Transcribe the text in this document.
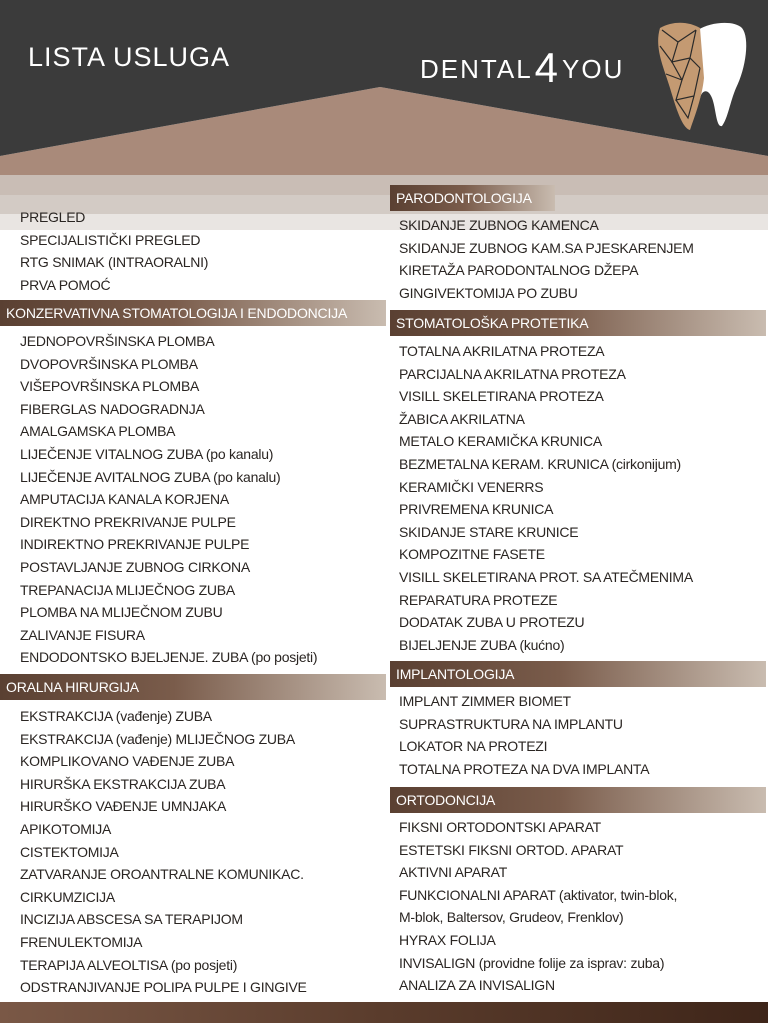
LISTA USLUGA	DENTAL4YOU
KONZERVATIVNA STOMATOLOGIJA I ENDODONCIJA
ORALNA HIRURGIJA
PARODONTOLOGIJA
STOMATOLOŠKA PROTETIKA
IMPLANTOLOGIJA
ORTODONCIJA
PREGLED
SPECIJALISTIČKI PREGLED
RTG SNIMAK (INTRAORALNI)
PRVA POMOĆ
JEDNOPOVRŠINSKA PLOMBA
DVOPOVRŠINSKA PLOMBA
VIŠEPOVRŠINSKA PLOMBA
FIBERGLAS NADOGRADNJA
AMALGAMSKA PLOMBA
LIJEČENJE VITALNOG ZUBA (po kanalu)
LIJEČENJE AVITALNOG ZUBA (po kanalu)
AMPUTACIJA KANALA KORJENA
DIREKTNO PREKRIVANJE PULPE
INDIREKTNO PREKRIVANJE PULPE
POSTAVLJANJE ZUBNOG CIRKONA
TREPANACIJA MLIJEČNOG ZUBA
PLOMBA NA MLIJEČNOM ZUBU
ZALIVANJE FISURA
ENDODONTSKO BJELJENJE. ZUBA (po posjeti)
EKSTRAKCIJA (vađenje) ZUBA
EKSTRAKCIJA (vađenje) MLIJEČNOG ZUBA
KOMPLIKOVANO VAĐENJE ZUBA
HIRURŠKA EKSTRAKCIJA ZUBA
HIRURŠKO VAĐENJE UMNJAKA
APIKOTOMIJA
CISTEKTOMIJA
ZATVARANJE OROANTRALNE KOMUNIKAC.
CIRKUMZICIJA
INCIZIJA ABSCESA SA TERAPIJOM
FRENULEKTOMIJA
TERAPIJA ALVEOLTISA (po posjeti)
ODSTRANJIVANJE POLIPA PULPE I GINGIVE
SKIDANJE ZUBNOG KAMENCA
SKIDANJE ZUBNOG KAM.SA PJESKARENJEM
KIRETAŽA PARODONTALNOG DŽEPA
GINGIVEKTOMIJA PO ZUBU
TOTALNA AKRILATNA PROTEZA
PARCIJALNA AKRILATNA PROTEZA
VISILL SKELETIRANA PROTEZA
ŽABICA AKRILATNA
METALO KERAMIČKA KRUNICA
BEZMETALNA KERAM. KRUNICA (cirkonijum)
KERAMIČKI VENERRS
PRIVREMENA KRUNICA
SKIDANJE STARE KRUNICE
KOMPOZITNE FASETE
VISILL SKELETIRANA PROT. SA ATEČMENIMA
REPARATURA PROTEZE
DODATAK ZUBA U PROTEZU
BIJELJENJE ZUBA (kućno)
IMPLANT ZIMMER BIOMET
SUPRASTRUKTURA NA IMPLANTU
LOKATOR NA PROTEZI
TOTALNA PROTEZA NA DVA IMPLANTA
FIKSNI ORTODONTSKI APARAT
ESTETSKI FIKSNI ORTOD. APARAT
AKTIVNI APARAT
FUNKCIONALNI APARAT (aktivator, twin-blok,
M-blok, Baltersov, Grudeov, Frenklov)
HYRAX FOLIJA
INVISALIGN (providne folije za isprav: zuba)
ANALIZA ZA INVISALIGN
